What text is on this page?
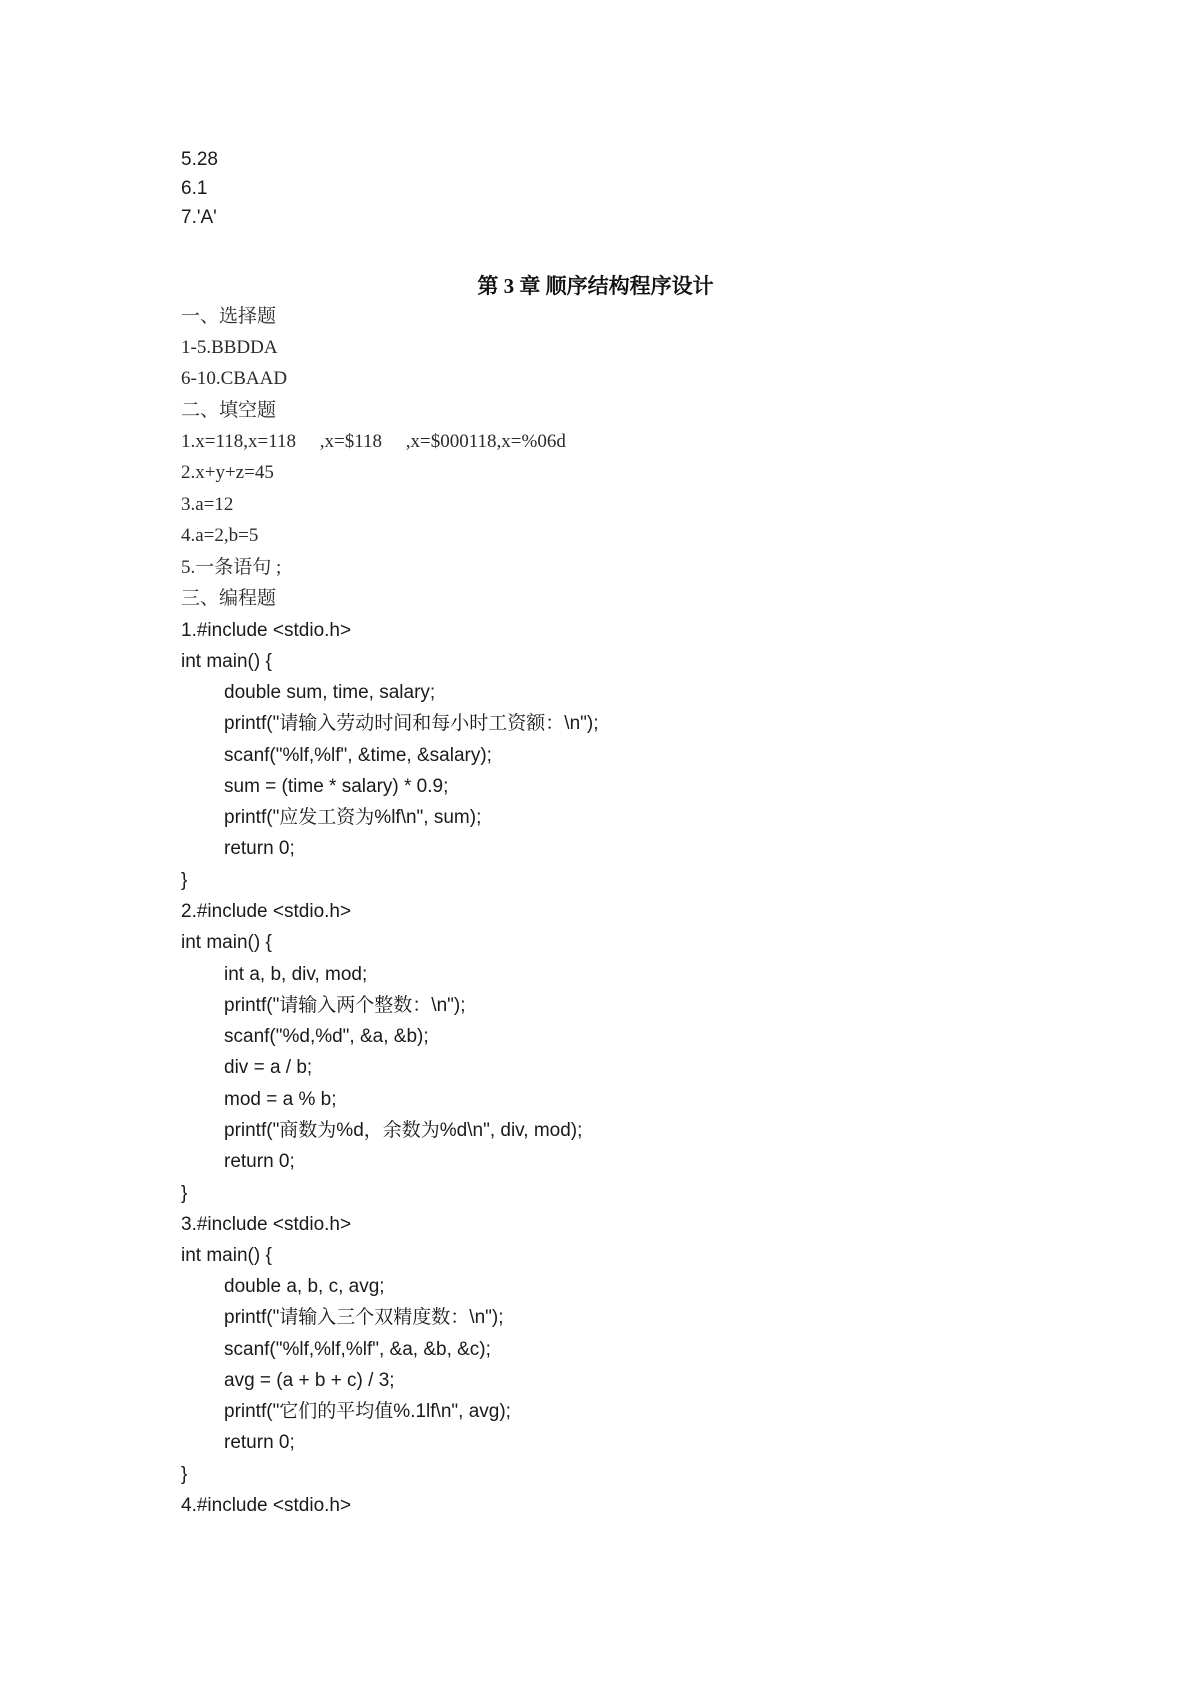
5.28

6.1

7.'A'

第 3 章 顺序结构程序设计

一、选择题

1-5.BBDDA

6-10.CBAAD

二、填空题

1.x=118,x=118     ,x=$118     ,x=$000118,x=%06d

2.x+y+z=45

3.a=12

4.a=2,b=5

5.一条语句 ;

三、编程题

1.#include <stdio.h>

int main() {

double sum, time, salary;

printf("请输入劳动时间和每小时工资额：\n");

scanf("%lf,%lf", &time, &salary);

sum = (time * salary) * 0.9;

printf("应发工资为%lf\n", sum);

return 0;

}

2.#include <stdio.h>

int main() {

int a, b, div, mod;

printf("请输入两个整数：\n");

scanf("%d,%d", &a, &b);

div = a / b;

mod = a % b;

printf("商数为%d，余数为%d\n", div, mod);

return 0;

}

3.#include <stdio.h>

int main() {

double a, b, c, avg;

printf("请输入三个双精度数：\n");

scanf("%lf,%lf,%lf", &a, &b, &c);

avg = (a + b + c) / 3;

printf("它们的平均值%.1lf\n", avg);

return 0;

}

4.#include <stdio.h>
